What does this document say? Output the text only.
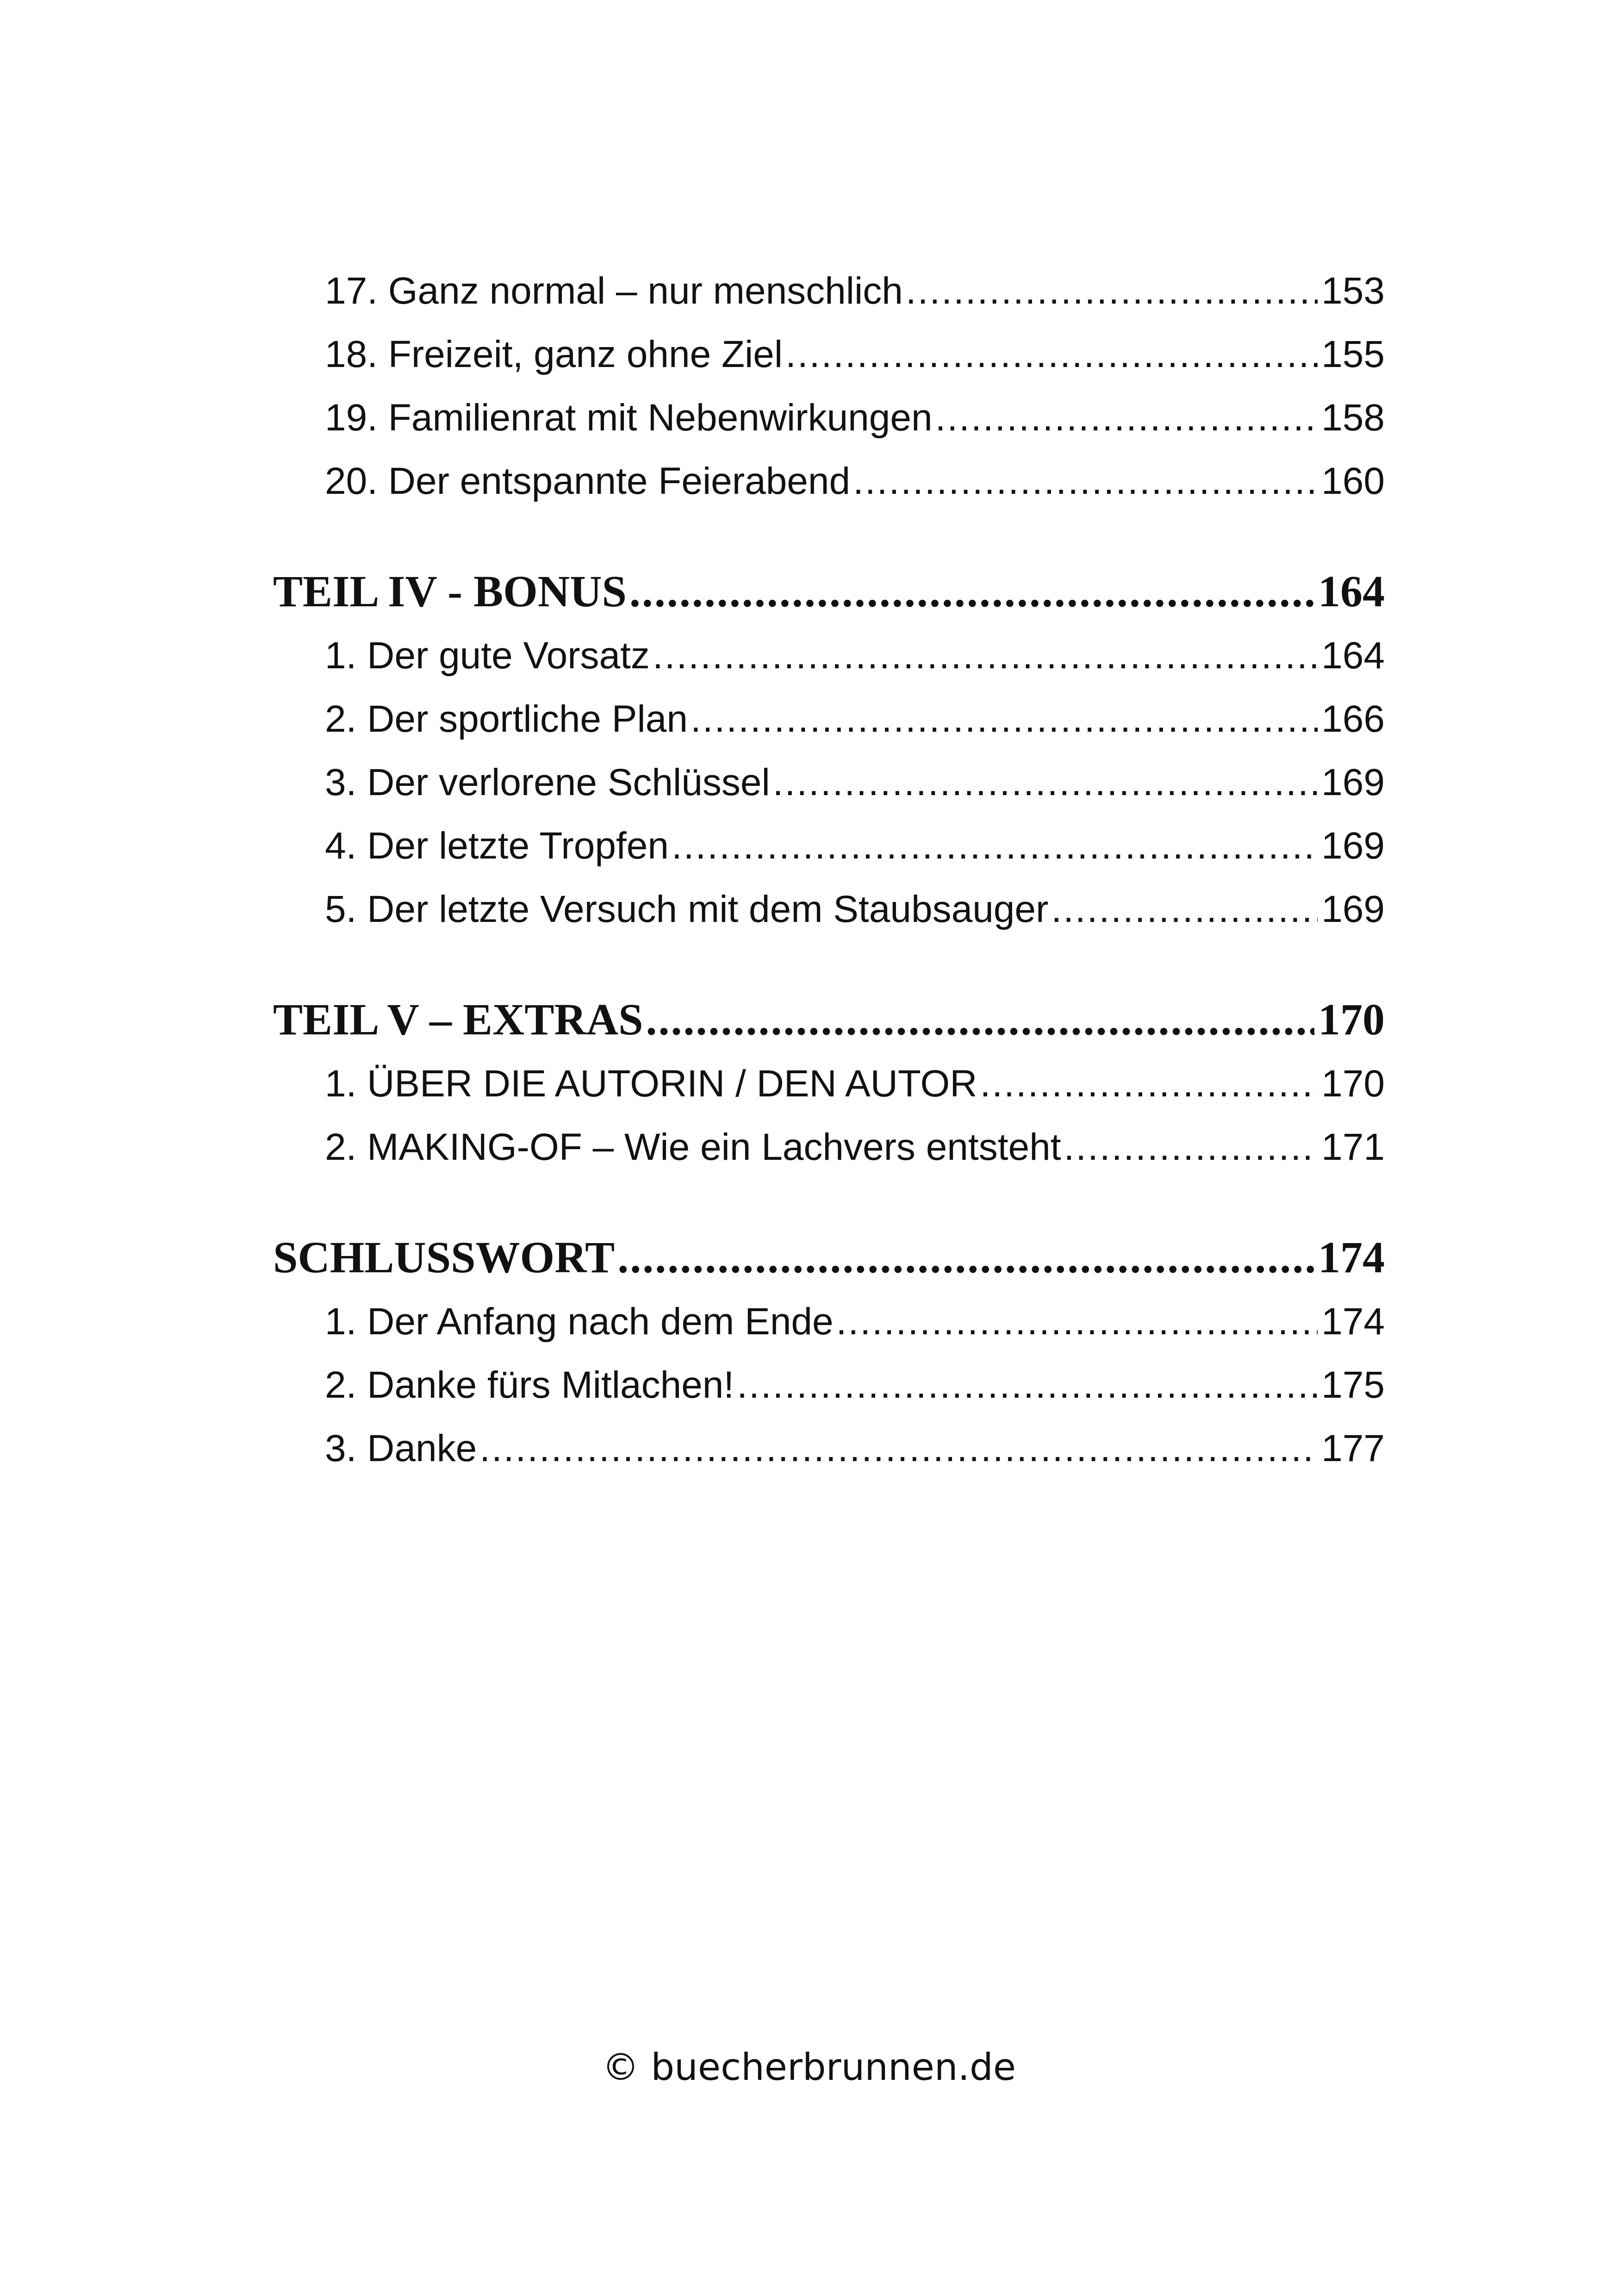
17. Ganz normal – nur menschlich .....	153
18. Freizeit, ganz ohne Ziel .....	155
19. Familienrat mit Nebenwirkungen .....	158
20. Der entspannte Feierabend .....	160
TEIL IV - BONUS .....	164
1. Der gute Vorsatz .....	164
2. Der sportliche Plan .....	166
3. Der verlorene Schlüssel .....	169
4. Der letzte Tropfen .....	169
5. Der letzte Versuch mit dem Staubsauger .....	169
TEIL V – EXTRAS .....	170
1. ÜBER DIE AUTORIN / DEN AUTOR .....	170
2. MAKING-OF – Wie ein Lachvers entsteht .....	171
SCHLUSSWORT .....	174
1. Der Anfang nach dem Ende .....	174
2. Danke fürs Mitlachen! .....	175
3. Danke .....	177
© buecherbrunnen.de
